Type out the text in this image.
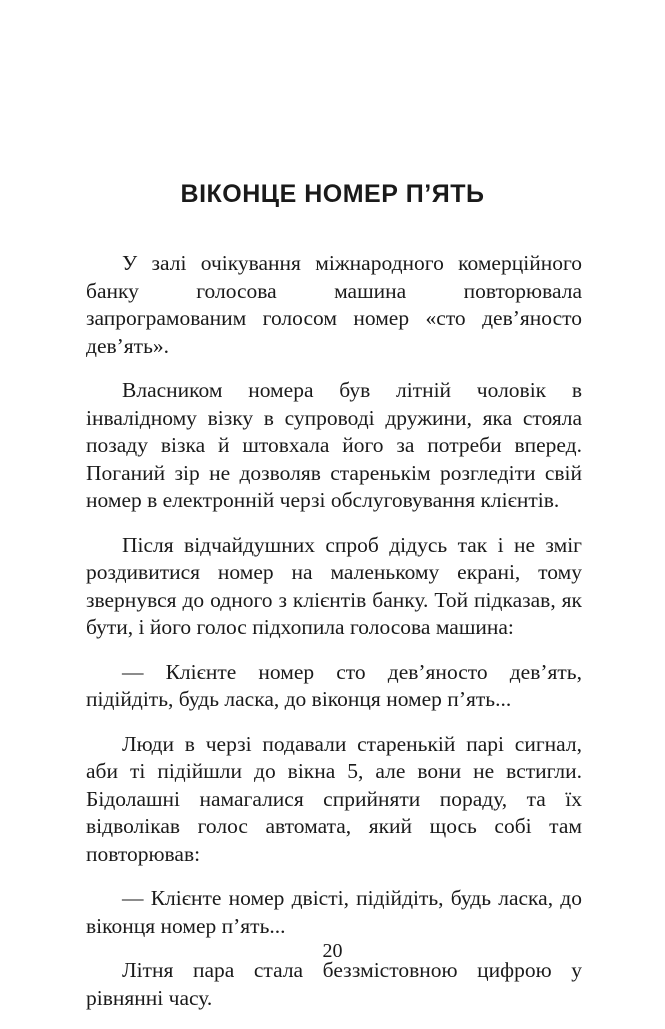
ВІКОНЦЕ НОМЕР П’ЯТЬ

У залі очікування міжнародного комерційного банку голосова машина повторювала запрограмованим голосом номер «сто дев’яносто дев’ять».

Власником номера був літній чоловік в інвалідному візку в супроводі дружини, яка стояла позаду візка й штовхала його за потреби вперед. Поганий зір не дозволяв старенькім розгледіти свій номер в електронній черзі обслуговування клієнтів.

Після відчайдушних спроб дідусь так і не зміг роздивитися номер на маленькому екрані, тому звернувся до одного з клієнтів банку. Той підказав, як бути, і його голос підхопила голосова машина:

— Клієнте номер сто дев’яносто дев’ять, підійдіть, будь ласка, до віконця номер п’ять...

Люди в черзі подавали старенькій парі сигнал, аби ті підійшли до вікна 5, але вони не встигли. Бідолашні намагалися сприйняти пораду, та їх відволікав голос автомата, який щось собі там повторював:

— Клієнте номер двісті, підійдіть, будь ласка, до віконця номер п’ять...

Літня пара стала беззмістовною цифрою у рівнянні часу.

20
